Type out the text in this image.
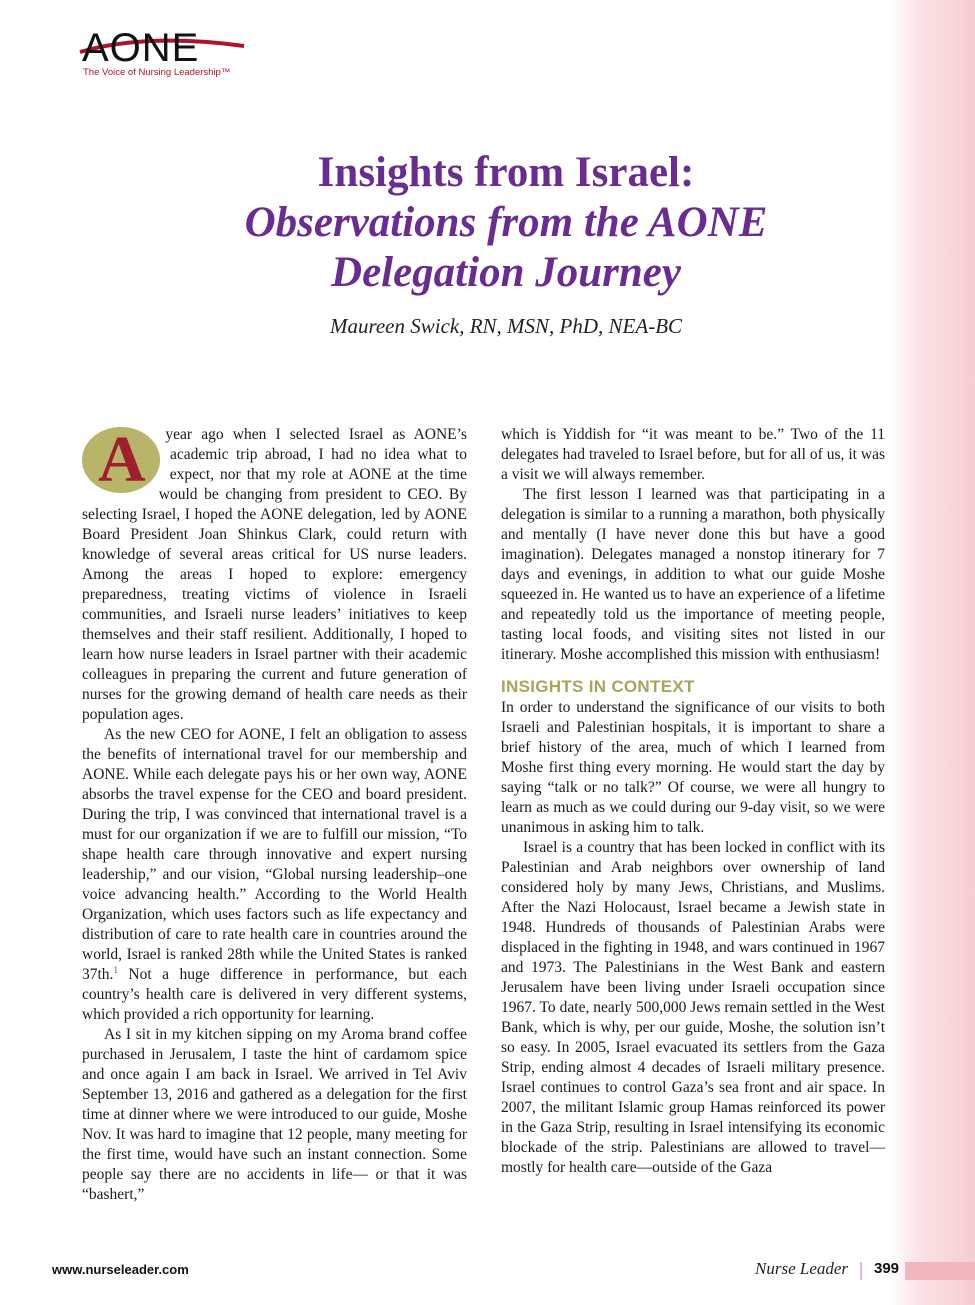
AONE
The Voice of Nursing Leadership™
Insights from Israel:
Observations from the AONE
Delegation Journey
Maureen Swick, RN, MSN, PhD, NEA-BC

A year ago when I selected Israel as AONE’s academic trip abroad, I had no idea what to expect, nor that my role at AONE at the time would be changing from president to CEO. By selecting Israel, I hoped the AONE delegation, led by AONE Board President Joan Shinkus Clark, could return with knowledge of several areas critical for US nurse leaders. Among the areas I hoped to explore: emergency preparedness, treating victims of violence in Israeli communities, and Israeli nurse leaders’ initiatives to keep themselves and their staff resilient. Additionally, I hoped to learn how nurse leaders in Israel partner with their academic colleagues in preparing the current and future generation of nurses for the growing demand of health care needs as their population ages.

As the new CEO for AONE, I felt an obligation to assess the benefits of international travel for our membership and AONE. While each delegate pays his or her own way, AONE absorbs the travel expense for the CEO and board president. During the trip, I was convinced that international travel is a must for our organization if we are to fulfill our mission, “To shape health care through innovative and expert nursing leadership,” and our vision, “Global nursing leadership–one voice advancing health.” According to the World Health Organization, which uses factors such as life expectancy and distribution of care to rate health care in countries around the world, Israel is ranked 28th while the United States is ranked 37th.$^1$ Not a huge difference in performance, but each country’s health care is delivered in very different systems, which provided a rich opportunity for learning.

As I sit in my kitchen sipping on my Aroma brand coffee purchased in Jerusalem, I taste the hint of cardamom spice and once again I am back in Israel. We arrived in Tel Aviv September 13, 2016 and gathered as a delegation for the first time at dinner where we were introduced to our guide, Moshe Nov. It was hard to imagine that 12 people, many meeting for the first time, would have such an instant connection. Some people say there are no accidents in life— or that it was “bashert,”

which is Yiddish for “it was meant to be.” Two of the 11 delegates had traveled to Israel before, but for all of us, it was a visit we will always remember.

The first lesson I learned was that participating in a delegation is similar to a running a marathon, both physically and mentally (I have never done this but have a good imagination). Delegates managed a nonstop itinerary for 7 days and evenings, in addition to what our guide Moshe squeezed in. He wanted us to have an experience of a lifetime and repeatedly told us the importance of meeting people, tasting local foods, and visiting sites not listed in our itinerary. Moshe accomplished this mission with enthusiasm!

INSIGHTS IN CONTEXT

In order to understand the significance of our visits to both Israeli and Palestinian hospitals, it is important to share a brief history of the area, much of which I learned from Moshe first thing every morning. He would start the day by saying “talk or no talk?” Of course, we were all hungry to learn as much as we could during our 9-day visit, so we were unanimous in asking him to talk.

Israel is a country that has been locked in conflict with its Palestinian and Arab neighbors over ownership of land considered holy by many Jews, Christians, and Muslims. After the Nazi Holocaust, Israel became a Jewish state in 1948. Hundreds of thousands of Palestinian Arabs were displaced in the fighting in 1948, and wars continued in 1967 and 1973. The Palestinians in the West Bank and eastern Jerusalem have been living under Israeli occupation since 1967. To date, nearly 500,000 Jews remain settled in the West Bank, which is why, per our guide, Moshe, the solution isn’t so easy. In 2005, Israel evacuated its settlers from the Gaza Strip, ending almost 4 decades of Israeli military presence. Israel continues to control Gaza’s sea front and air space. In 2007, the militant Islamic group Hamas reinforced its power in the Gaza Strip, resulting in Israel intensifying its economic blockade of the strip. Palestinians are allowed to travel—mostly for health care—outside of the Gaza

www.nurseleader.com	Nurse Leader 399
